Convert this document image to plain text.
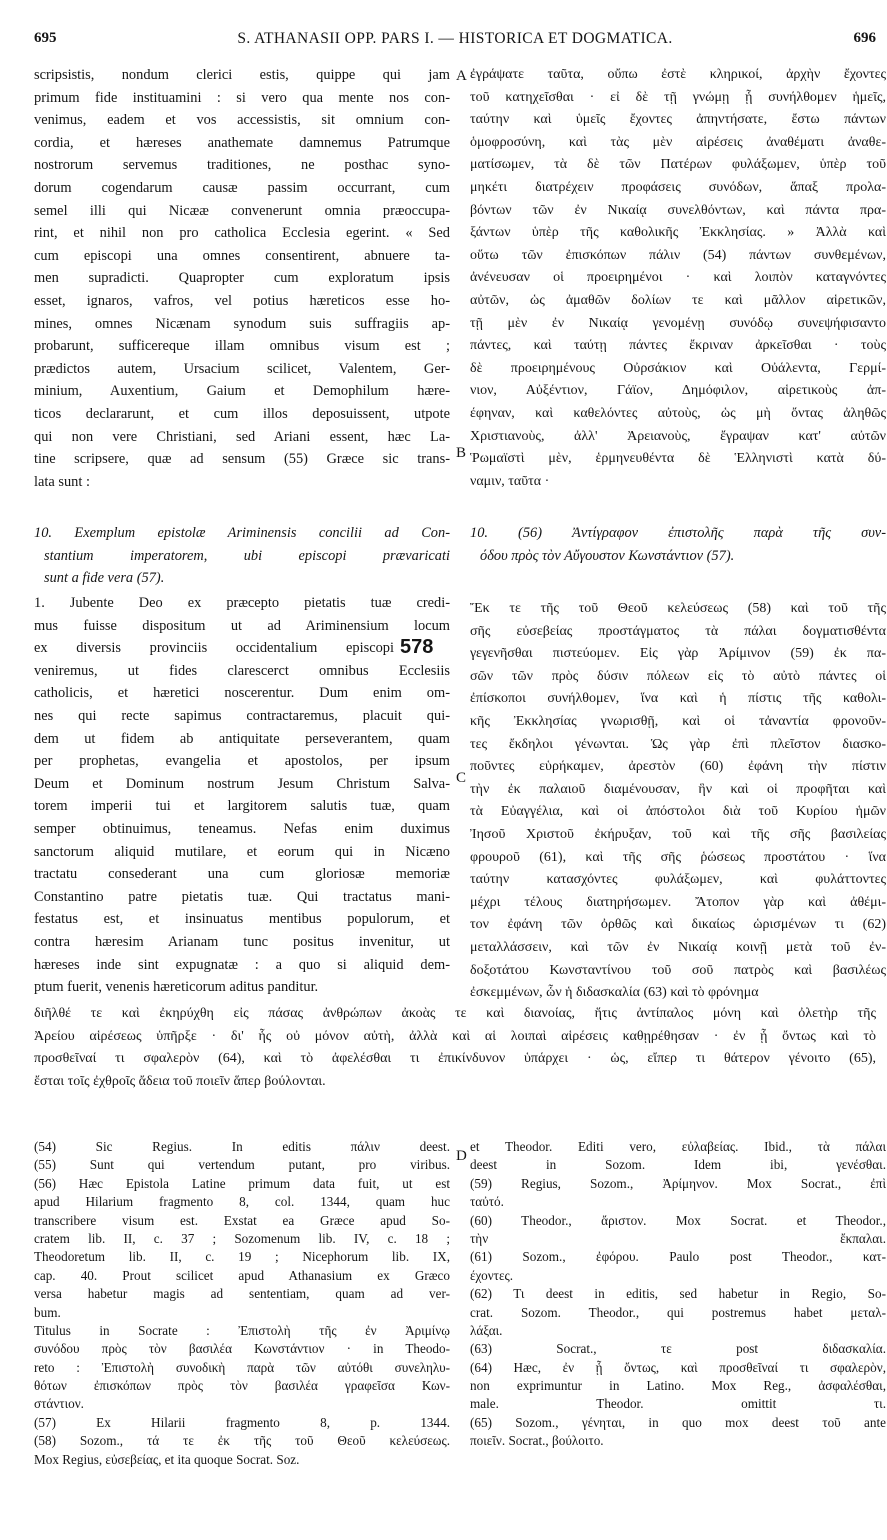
695	S. ATHANASII OPP. PARS I. — HISTORICA ET DOGMATICA.	696
A
B
C
D
578
scripsistis, nondum clerici estis, quippe qui jam
primum fide instituamini : si vero qua mente nos con-
venimus, eadem et vos accessistis, sit omnium con-
cordia, et hæreses anathemate damnemus Patrumque
nostrorum servemus traditiones, ne posthac syno-
dorum cogendarum causæ passim occurrant, cum
semel illi qui Nicææ convenerunt omnia præoccupa-
rint, et nihil non pro catholica Ecclesia egerint. « Sed
cum episcopi una omnes consentirent, abnuere ta-
men supradicti. Quapropter cum exploratum ipsis
esset, ignaros, vafros, vel potius hæreticos esse ho-
mines, omnes Nicænam synodum suis suffragiis ap-
probarunt, sufficereque illam omnibus visum est ;
prædictos autem, Ursacium scilicet, Valentem, Ger-
minium, Auxentium, Gaium et Demophilum hære-
ticos declararunt, et cum illos deposuissent, utpote
qui non vere Christiani, sed Ariani essent, hæc La-
tine scripsere, quæ ad sensum (55) Græce sic trans-
lata sunt :
ἐγράψατε ταῦτα, οὔπω ἐστὲ κληρικοί, ἀρχὴν ἔχοντες
τοῦ κατηχεῖσθαι · εἰ δὲ τῇ γνώμῃ ᾗ συνήλθομεν ἡμεῖς,
ταύτην καὶ ὑμεῖς ἔχοντες ἀπηντήσατε, ἔστω πάντων
ὁμοφροσύνη, καὶ τὰς μὲν αἱρέσεις ἀναθέματι ἀναθε-
ματίσωμεν, τὰ δὲ τῶν Πατέρων φυλάξωμεν, ὑπὲρ τοῦ
μηκέτι διατρέχειν προφάσεις συνόδων, ἅπαξ προλα-
βόντων τῶν ἐν Νικαίᾳ συνελθόντων, καὶ πάντα πρα-
ξάντων ὑπὲρ τῆς καθολικῆς Ἐκκλησίας. » Ἀλλὰ καὶ
οὕτω τῶν ἐπισκόπων πάλιν (54) πάντων συνθεμένων,
ἀνένευσαν οἱ προειρημένοι · καὶ λοιπὸν καταγνόντες
αὐτῶν, ὡς ἀμαθῶν δολίων τε καὶ μᾶλλον αἱρετικῶν,
τῇ μὲν ἐν Νικαίᾳ γενομένῃ συνόδῳ συνεψήφισαντο
πάντες, καὶ ταύτῃ πάντες ἔκριναν ἀρκεῖσθαι · τοὺς
δὲ προειρημένους Οὐρσάκιον καὶ Οὐάλεντα, Γερμί-
νιον, Αὐξέντιον, Γάϊον, Δημόφιλον, αἱρετικοὺς ἀπ-
έφηναν, καὶ καθελόντες αὐτοὺς, ὡς μὴ ὄντας ἀληθῶς
Χριστιανοὺς, ἀλλ' Ἀρειανοὺς, ἔγραψαν κατ' αὐτῶν
Ῥωμαϊστὶ μὲν, ἑρμηνευθέντα δὲ Ἑλληνιστὶ κατὰ δύ-
ναμιν, ταῦτα ·
10. Exemplum epistolæ Ariminensis concilii ad Con-
stantium imperatorem, ubi episcopi prævaricati
sunt a fide vera (57).
10. (56) Ἀντίγραφον ἐπιστολῆς παρὰ τῆς συν-
όδου πρὸς τὸν Αὔγουστον Κωνστάντιον (57).
1. Jubente Deo ex præcepto pietatis tuæ credi-
mus fuisse dispositum ut ad Ariminensium locum
ex diversis provinciis occidentalium episcopi
veniremus, ut fides clarescerct omnibus Ecclesiis
catholicis, et hæretici noscerentur. Dum enim om-
nes qui recte sapimus contractaremus, placuit qui-
dem ut fidem ab antiquitate perseverantem, quam
per prophetas, evangelia et apostolos, per ipsum
Deum et Dominum nostrum Jesum Christum Salva-
torem imperii tui et largitorem salutis tuæ, quam
semper obtinuimus, teneamus. Nefas enim duximus
sanctorum aliquid mutilare, et eorum qui in Nicæno
tractatu consederant una cum gloriosæ memoriæ
Constantino patre pietatis tuæ. Qui tractatus mani-
festatus est, et insinuatus mentibus populorum, et
contra hæresim Arianam tunc positus invenitur, ut
hæreses inde sint expugnatæ : a quo si aliquid dem-
ptum fuerit, venenis hæreticorum aditus panditur.
Ἔκ τε τῆς τοῦ Θεοῦ κελεύσεως (58) καὶ τοῦ τῆς
σῆς εὐσεβείας προστάγματος τὰ πάλαι δογματισθέντα
γεγενῆσθαι πιστεύομεν. Εἰς γὰρ Ἀρίμινον (59) ἐκ πα-
σῶν τῶν πρὸς δύσιν πόλεων εἰς τὸ αὐτὸ πάντες οἱ
ἐπίσκοποι συνήλθομεν, ἵνα καὶ ἡ πίστις τῆς καθολι-
κῆς Ἐκκλησίας γνωρισθῇ, καὶ οἱ τἀναντία φρονοῦν-
τες ἔκδηλοι γένωνται. Ὡς γὰρ ἐπὶ πλεῖστον διασκο-
ποῦντες εὑρήκαμεν, ἀρεστὸν (60) ἐφάνη τὴν πίστιν
τὴν ἐκ παλαιοῦ διαμένουσαν, ἣν καὶ οἱ προφῆται καὶ
τὰ Εὐαγγέλια, καὶ οἱ ἀπόστολοι διὰ τοῦ Κυρίου ἡμῶν
Ἰησοῦ Χριστοῦ ἐκήρυξαν, τοῦ καὶ τῆς σῆς βασιλείας
φρουροῦ (61), καὶ τῆς σῆς ῥώσεως προστάτου · ἵνα
ταύτην κατασχόντες φυλάξωμεν, καὶ φυλάττοντες
μέχρι τέλους διατηρήσωμεν. Ἄτοπον γὰρ καὶ ἀθέμι-
τον ἐφάνη τῶν ὀρθῶς καὶ δικαίως ὡρισμένων τι (62)
μεταλλάσσειν, καὶ τῶν ἐν Νικαίᾳ κοινῇ μετὰ τοῦ ἐν-
δοξοτάτου Κωνσταντίνου τοῦ σοῦ πατρὸς καὶ βασιλέως
ἐσκεμμένων, ὧν ἡ διδασκαλία (63) καὶ τὸ φρόνημα
διῆλθέ τε καὶ ἐκηρύχθη εἰς πάσας ἀνθρώπων ἀκοὰς τε καὶ διανοίας, ἥτις ἀντίπαλος μόνη καὶ ὀλετὴρ τῆς
Ἀρείου αἱρέσεως ὑπῆρξε · δι' ἧς οὐ μόνον αὐτὴ, ἀλλὰ καὶ αἱ λοιπαὶ αἱρέσεις καθῃρέθησαν · ἐν ᾗ ὄντως καὶ τὸ
προσθεῖναί τι σφαλερὸν (64), καὶ τὸ ἀφελέσθαι τι ἐπικίνδυνον ὑπάρχει · ὡς, εἴπερ τι θάτερον γένοιτο (65),
ἔσται τοῖς ἐχθροῖς ἄδεια τοῦ ποιεῖν ἅπερ βούλονται.
(54) Sic Regius. In editis πάλιν deest.
(55) Sunt qui vertendum putant, pro viribus.
(56) Hæc Epistola Latine primum data fuit, ut est
apud Hilarium fragmento 8, col. 1344, quam huc
transcribere visum est. Exstat ea Græce apud So-
cratem lib. II, c. 37 ; Sozomenum lib. IV, c. 18 ;
Theodoretum lib. II, c. 19 ; Nicephorum lib. IX,
cap. 40. Prout scilicet apud Athanasium ex Græco
versa habetur magis ad sententiam, quam ad ver-
bum.
Titulus in Socrate : Ἐπιστολὴ τῆς ἐν Ἀριμίνῳ
συνόδου πρὸς τὸν βασιλέα Κωνστάντιον · in Theodo-
reto : Ἐπιστολὴ συνοδικὴ παρὰ τῶν αὐτόθι συνεληλυ-
θότων ἐπισκόπων πρὸς τὸν βασιλέα γραφεῖσα Κων-
στάντιον.
(57) Ex Hilarii fragmento 8, p. 1344.
(58) Sozom., τά τε ἐκ τῆς τοῦ Θεοῦ κελεύσεως.
Mox Regius, εὐσεβείας, et ita quoque Socrat. Soz.
et Theodor. Editi vero, εὐλαβείας. Ibid., τὰ πάλαι
deest in Sozom. Idem ibi, γενέσθαι.
(59) Regius, Sozom., Ἀρίμηνον. Mox Socrat., ἐπὶ
ταὐτό.
(60) Theodor., ἄριστον. Mox Socrat. et Theodor.,
τὴν ἔκπαλαι.
(61) Sozom., ἐφόρου. Paulo post Theodor., κατ-
έχοντες.
(62) Τι deest in editis, sed habetur in Regio, So-
crat. Sozom. Theodor., qui postremus habet μεταλ-
λάξαι.
(63) Socrat., τε post διδασκαλία.
(64) Hæc, ἐν ᾗ ὄντως, καὶ προσθεῖναί τι σφαλερὸν,
non exprimuntur in Latino. Mox Reg., ἀσφαλέσθαι,
male. Theodor. omittit τι.
(65) Sozom., γένηται, in quo mox deest τοῦ ante
ποιεῖν. Socrat., βούλοιτο.
